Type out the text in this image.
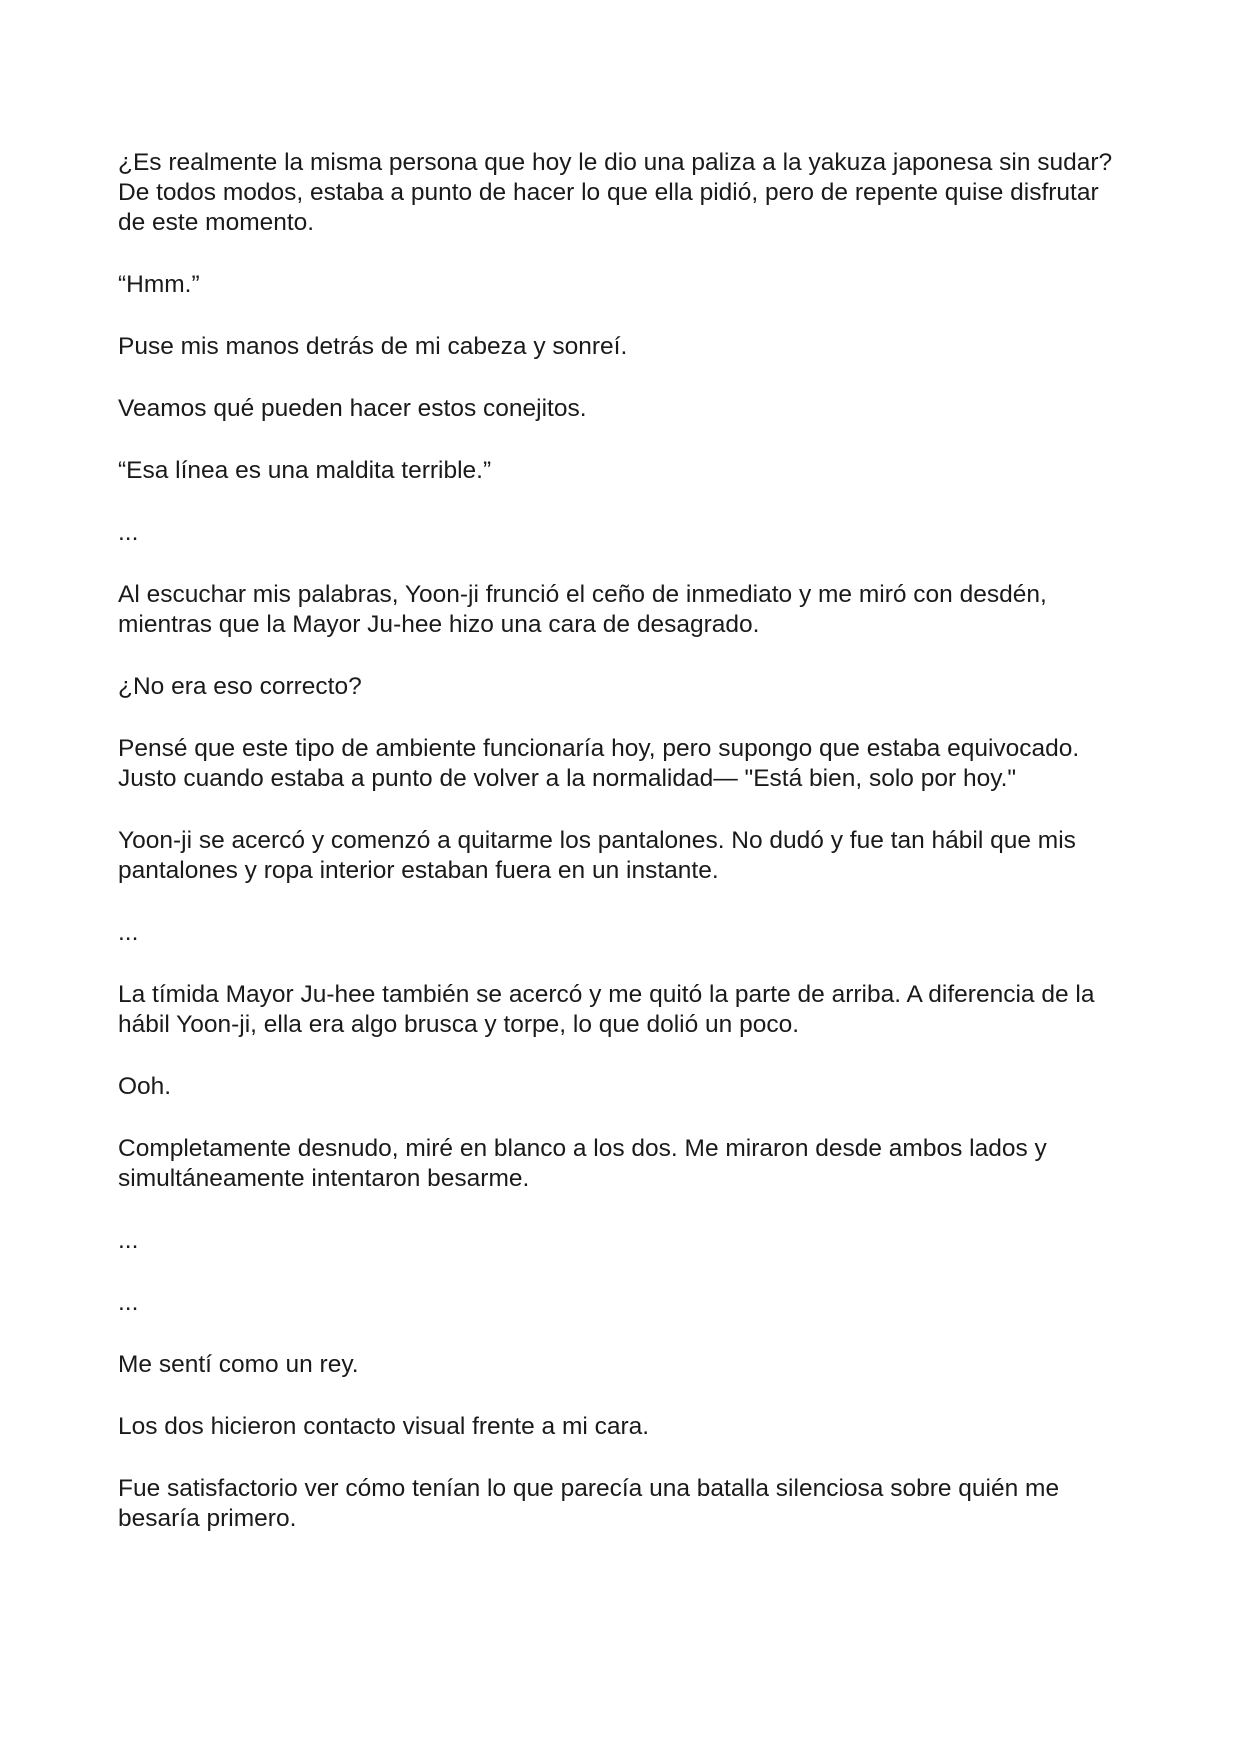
¿Es realmente la misma persona que hoy le dio una paliza a la yakuza japonesa sin sudar? De todos modos, estaba a punto de hacer lo que ella pidió, pero de repente quise disfrutar de este momento.

“Hmm.”

Puse mis manos detrás de mi cabeza y sonreí.

Veamos qué pueden hacer estos conejitos.

“Esa línea es una maldita terrible.”

...

Al escuchar mis palabras, Yoon-ji frunció el ceño de inmediato y me miró con desdén, mientras que la Mayor Ju-hee hizo una cara de desagrado.

¿No era eso correcto?

Pensé que este tipo de ambiente funcionaría hoy, pero supongo que estaba equivocado. Justo cuando estaba a punto de volver a la normalidad— "Está bien, solo por hoy."

Yoon-ji se acercó y comenzó a quitarme los pantalones. No dudó y fue tan hábil que mis pantalones y ropa interior estaban fuera en un instante.

...

La tímida Mayor Ju-hee también se acercó y me quitó la parte de arriba. A diferencia de la hábil Yoon-ji, ella era algo brusca y torpe, lo que dolió un poco.

Ooh.

Completamente desnudo, miré en blanco a los dos. Me miraron desde ambos lados y simultáneamente intentaron besarme.

...

...

Me sentí como un rey.

Los dos hicieron contacto visual frente a mi cara.

Fue satisfactorio ver cómo tenían lo que parecía una batalla silenciosa sobre quién me besaría primero.
